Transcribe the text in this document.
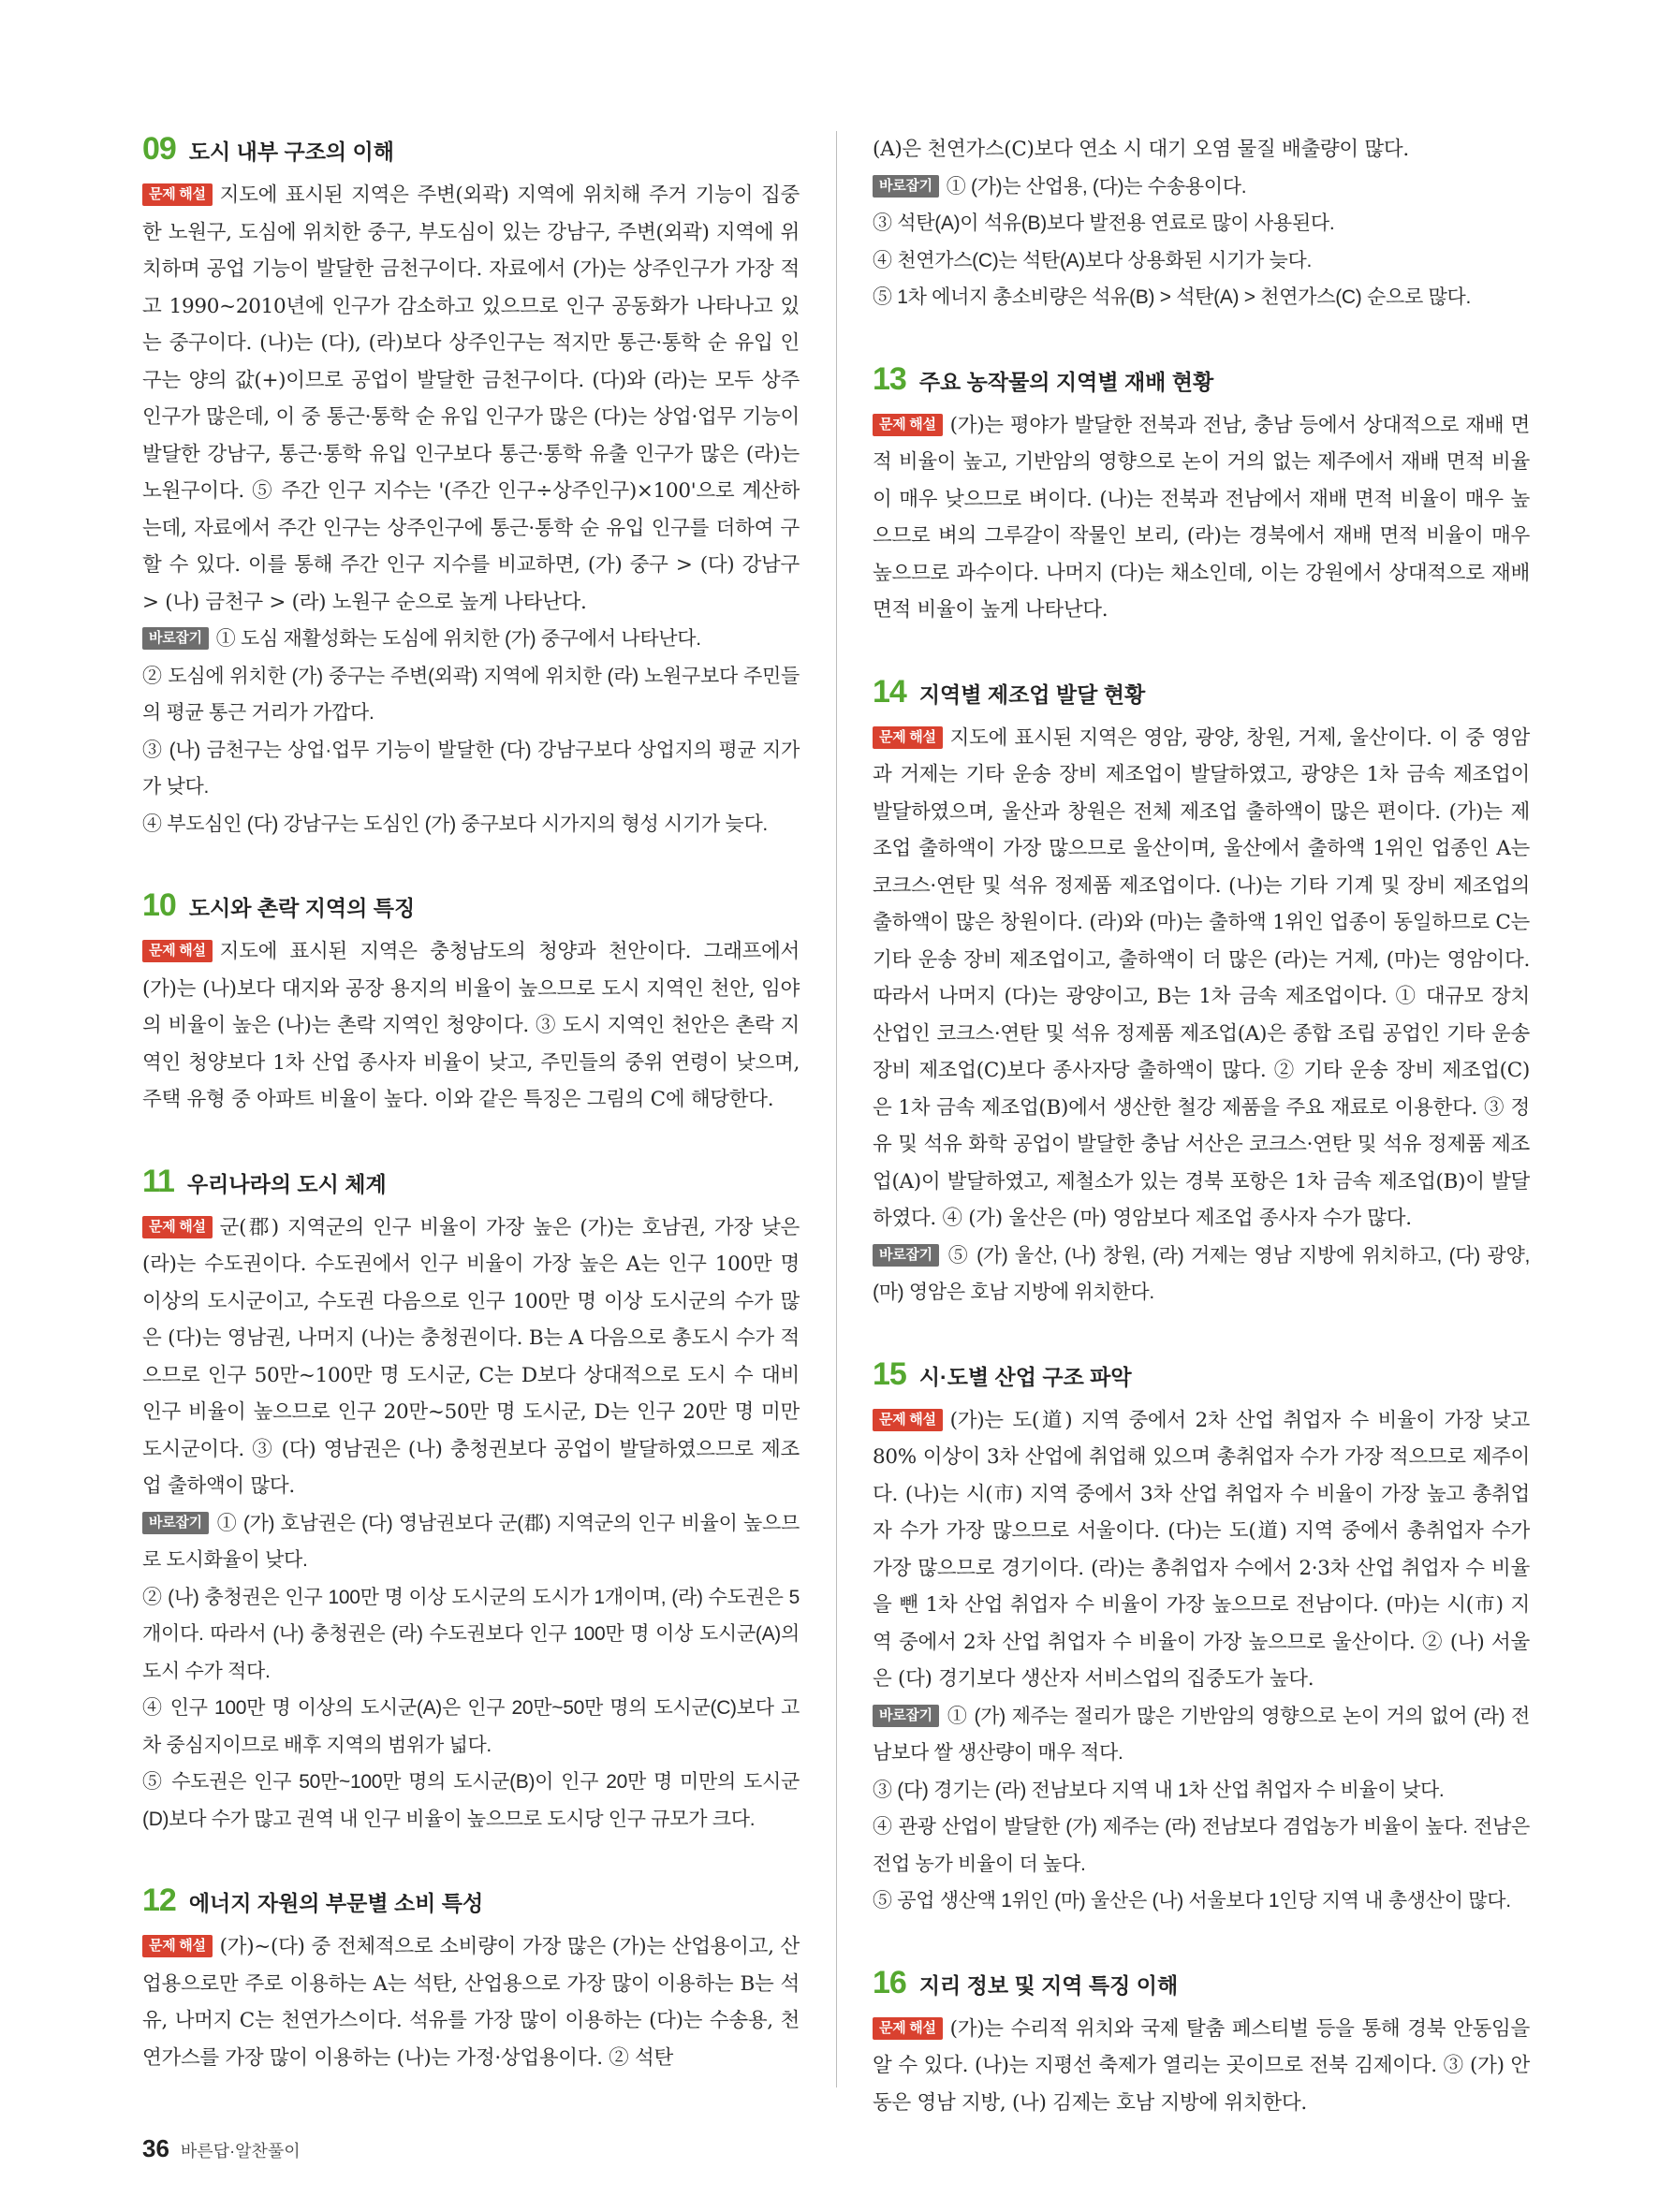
09 도시 내부 구조의 이해

문제 해설 지도에 표시된 지역은 주변(외곽) 지역에 위치해 주거 기능이 집중한 노원구, 도심에 위치한 중구, 부도심이 있는 강남구, 주변(외곽) 지역에 위치하며 공업 기능이 발달한 금천구이다. 자료에서 (가)는 상주인구가 가장 적고 1990~2010년에 인구가 감소하고 있으므로 인구 공동화가 나타나고 있는 중구이다. (나)는 (다), (라)보다 상주인구는 적지만 통근·통학 순 유입 인구는 양의 값(+)이므로 공업이 발달한 금천구이다. (다)와 (라)는 모두 상주인구가 많은데, 이 중 통근·통학 순 유입 인구가 많은 (다)는 상업·업무 기능이 발달한 강남구, 통근·통학 유입 인구보다 통근·통학 유출 인구가 많은 (라)는 노원구이다. ⑤ 주간 인구 지수는 '(주간 인구÷상주인구)×100'으로 계산하는데, 자료에서 주간 인구는 상주인구에 통근·통학 순 유입 인구를 더하여 구할 수 있다. 이를 통해 주간 인구 지수를 비교하면, (가) 중구 > (다) 강남구 > (나) 금천구 > (라) 노원구 순으로 높게 나타난다.

바로잡기 ① 도심 재활성화는 도심에 위치한 (가) 중구에서 나타난다.

② 도심에 위치한 (가) 중구는 주변(외곽) 지역에 위치한 (라) 노원구보다 주민들의 평균 통근 거리가 가깝다.

③ (나) 금천구는 상업·업무 기능이 발달한 (다) 강남구보다 상업지의 평균 지가가 낮다.

④ 부도심인 (다) 강남구는 도심인 (가) 중구보다 시가지의 형성 시기가 늦다.

10 도시와 촌락 지역의 특징

문제 해설 지도에 표시된 지역은 충청남도의 청양과 천안이다. 그래프에서 (가)는 (나)보다 대지와 공장 용지의 비율이 높으므로 도시 지역인 천안, 임야의 비율이 높은 (나)는 촌락 지역인 청양이다. ③ 도시 지역인 천안은 촌락 지역인 청양보다 1차 산업 종사자 비율이 낮고, 주민들의 중위 연령이 낮으며, 주택 유형 중 아파트 비율이 높다. 이와 같은 특징은 그림의 C에 해당한다.

11 우리나라의 도시 체계

문제 해설 군(郡) 지역군의 인구 비율이 가장 높은 (가)는 호남권, 가장 낮은 (라)는 수도권이다. 수도권에서 인구 비율이 가장 높은 A는 인구 100만 명 이상의 도시군이고, 수도권 다음으로 인구 100만 명 이상 도시군의 수가 많은 (다)는 영남권, 나머지 (나)는 충청권이다. B는 A 다음으로 총도시 수가 적으므로 인구 50만~100만 명 도시군, C는 D보다 상대적으로 도시 수 대비 인구 비율이 높으므로 인구 20만~50만 명 도시군, D는 인구 20만 명 미만 도시군이다. ③ (다) 영남권은 (나) 충청권보다 공업이 발달하였으므로 제조업 출하액이 많다.

바로잡기 ① (가) 호남권은 (다) 영남권보다 군(郡) 지역군의 인구 비율이 높으므로 도시화율이 낮다.

② (나) 충청권은 인구 100만 명 이상 도시군의 도시가 1개이며, (라) 수도권은 5개이다. 따라서 (나) 충청권은 (라) 수도권보다 인구 100만 명 이상 도시군(A)의 도시 수가 적다.

④ 인구 100만 명 이상의 도시군(A)은 인구 20만~50만 명의 도시군(C)보다 고차 중심지이므로 배후 지역의 범위가 넓다.

⑤ 수도권은 인구 50만~100만 명의 도시군(B)이 인구 20만 명 미만의 도시군(D)보다 수가 많고 권역 내 인구 비율이 높으므로 도시당 인구 규모가 크다.

12 에너지 자원의 부문별 소비 특성

문제 해설 (가)~(다) 중 전체적으로 소비량이 가장 많은 (가)는 산업용이고, 산업용으로만 주로 이용하는 A는 석탄, 산업용으로 가장 많이 이용하는 B는 석유, 나머지 C는 천연가스이다. 석유를 가장 많이 이용하는 (다)는 수송용, 천연가스를 가장 많이 이용하는 (나)는 가정·상업용이다. ② 석탄

(A)은 천연가스(C)보다 연소 시 대기 오염 물질 배출량이 많다.

바로잡기 ① (가)는 산업용, (다)는 수송용이다.

③ 석탄(A)이 석유(B)보다 발전용 연료로 많이 사용된다.

④ 천연가스(C)는 석탄(A)보다 상용화된 시기가 늦다.

⑤ 1차 에너지 총소비량은 석유(B) > 석탄(A) > 천연가스(C) 순으로 많다.

13 주요 농작물의 지역별 재배 현황

문제 해설 (가)는 평야가 발달한 전북과 전남, 충남 등에서 상대적으로 재배 면적 비율이 높고, 기반암의 영향으로 논이 거의 없는 제주에서 재배 면적 비율이 매우 낮으므로 벼이다. (나)는 전북과 전남에서 재배 면적 비율이 매우 높으므로 벼의 그루갈이 작물인 보리, (라)는 경북에서 재배 면적 비율이 매우 높으므로 과수이다. 나머지 (다)는 채소인데, 이는 강원에서 상대적으로 재배 면적 비율이 높게 나타난다.

14 지역별 제조업 발달 현황

문제 해설 지도에 표시된 지역은 영암, 광양, 창원, 거제, 울산이다. 이 중 영암과 거제는 기타 운송 장비 제조업이 발달하였고, 광양은 1차 금속 제조업이 발달하였으며, 울산과 창원은 전체 제조업 출하액이 많은 편이다. (가)는 제조업 출하액이 가장 많으므로 울산이며, 울산에서 출하액 1위인 업종인 A는 코크스·연탄 및 석유 정제품 제조업이다. (나)는 기타 기계 및 장비 제조업의 출하액이 많은 창원이다. (라)와 (마)는 출하액 1위인 업종이 동일하므로 C는 기타 운송 장비 제조업이고, 출하액이 더 많은 (라)는 거제, (마)는 영암이다. 따라서 나머지 (다)는 광양이고, B는 1차 금속 제조업이다. ① 대규모 장치 산업인 코크스·연탄 및 석유 정제품 제조업(A)은 종합 조립 공업인 기타 운송 장비 제조업(C)보다 종사자당 출하액이 많다. ② 기타 운송 장비 제조업(C)은 1차 금속 제조업(B)에서 생산한 철강 제품을 주요 재료로 이용한다. ③ 정유 및 석유 화학 공업이 발달한 충남 서산은 코크스·연탄 및 석유 정제품 제조업(A)이 발달하였고, 제철소가 있는 경북 포항은 1차 금속 제조업(B)이 발달하였다. ④ (가) 울산은 (마) 영암보다 제조업 종사자 수가 많다.

바로잡기 ⑤ (가) 울산, (나) 창원, (라) 거제는 영남 지방에 위치하고, (다) 광양, (마) 영암은 호남 지방에 위치한다.

15 시·도별 산업 구조 파악

문제 해설 (가)는 도(道) 지역 중에서 2차 산업 취업자 수 비율이 가장 낮고 80% 이상이 3차 산업에 취업해 있으며 총취업자 수가 가장 적으므로 제주이다. (나)는 시(市) 지역 중에서 3차 산업 취업자 수 비율이 가장 높고 총취업자 수가 가장 많으므로 서울이다. (다)는 도(道) 지역 중에서 총취업자 수가 가장 많으므로 경기이다. (라)는 총취업자 수에서 2·3차 산업 취업자 수 비율을 뺀 1차 산업 취업자 수 비율이 가장 높으므로 전남이다. (마)는 시(市) 지역 중에서 2차 산업 취업자 수 비율이 가장 높으므로 울산이다. ② (나) 서울은 (다) 경기보다 생산자 서비스업의 집중도가 높다.

바로잡기 ① (가) 제주는 절리가 많은 기반암의 영향으로 논이 거의 없어 (라) 전남보다 쌀 생산량이 매우 적다.

③ (다) 경기는 (라) 전남보다 지역 내 1차 산업 취업자 수 비율이 낮다.

④ 관광 산업이 발달한 (가) 제주는 (라) 전남보다 겸업농가 비율이 높다. 전남은 전업 농가 비율이 더 높다.

⑤ 공업 생산액 1위인 (마) 울산은 (나) 서울보다 1인당 지역 내 총생산이 많다.

16 지리 정보 및 지역 특징 이해

문제 해설 (가)는 수리적 위치와 국제 탈춤 페스티벌 등을 통해 경북 안동임을 알 수 있다. (나)는 지평선 축제가 열리는 곳이므로 전북 김제이다. ③ (가) 안동은 영남 지방, (나) 김제는 호남 지방에 위치한다.

36 바른답·알찬풀이
